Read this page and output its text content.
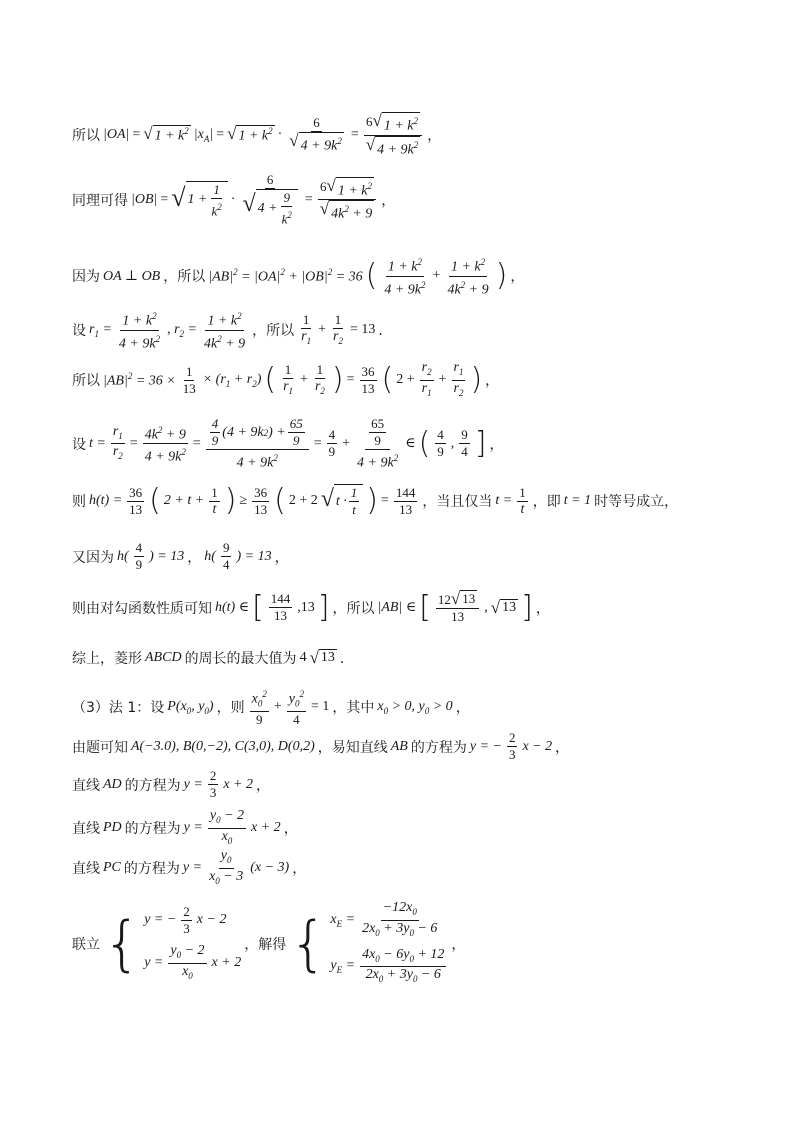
所以 |OA| = √ $1 + k^2$ $|x_A|$ = √ $1 + k^2 \cdot \frac{6}{√ 4 + 9k^2} = \frac{6 √ 1 + k^2}{√ 4 + 9k^2}$ ，
同理可得 |OB| = √ $1 + \frac{1}{k^2} \cdot \frac{6}{√ 4 + \frac{9}{k^2}} = \frac{6 √ 1 + k^2}{√ 4k^2 + 9}$ ，
因为 OA ⊥ OB ，所以 $|AB|^2 = |OA|^2 + |OB|^2 = 36$ ( $\frac{1 + k^2}{4 + 9k^2} + \frac{1 + k^2}{4k^2 + 9}$ ) ，
设 $r_1 = \frac{1 + k^2}{4 + 9k^2}$ , $r_2 = \frac{1 + k^2}{4k^2 + 9}$ ，所以 $\frac{1}{r_1} + \frac{1}{r_2} = 13$ ．
所以 $|AB|^2 = 36 \times \frac{1}{13} \times (r_1 + r_2)$ ( $\frac{1}{r_1} + \frac{1}{r_2}$ ) = $\frac{36}{13}$ ( $2 + \frac{r_2}{r_1} + \frac{r_1}{r_2}$ ) ，
设 $t = \frac{r_1}{r_2} = \frac{4k^2 + 9}{4 + 9k^2} = \frac{\frac{4}{9} (4 + 9k 2 ) + \frac{65}{9}}{4 + 9k^2} = \frac{4}{9} + \frac{\frac{65}{9}}{4 + 9k^2}$ ∈ ( $\frac{4}{9}$ , $\frac{9}{4}$ ] ，
则 $h(t) = \frac{36}{13}$ ( $2 + t + \frac{1}{t}$ ) ≥ $\frac{36}{13}$ ( 2 + 2 √ $t \cdot \frac{1}{t}$ ) = $\frac{144}{13}$ ，当且仅当 $t = \frac{1}{t}$ ，即 t = 1 时等号成立，
又因为 $h( \frac{4}{9}$ ) = 13 ， $h( \frac{9}{4}$ ) = 13 ，
则由对勾函数性质可知 h(t) ∈ [ $\frac{144}{13} ,13$ ] ，所以 |AB| ∈ [ $\frac{12 √ 13}{13}$ , √ 13 ] ，
综上，菱形 ABCD 的周长的最大值为 4 √ 13 ．
（3）法 1：设 $P(x_0$, $y_0$) ，则 $\frac{x_0^2}{9} + \frac{y_0^2}{4} = 1$ ，其中 $x_0 > 0$, $y_0 > 0$ ，
由题可知 A(−3.0), B(0,−2), C(3,0), D(0,2) ，易知直线 AB 的方程为 y = − $\frac{2}{3}$ x − 2 ，
直线 AD 的方程为 $y = \frac{2}{3}$ x + 2 ，
直线 PD 的方程为 $y = \frac{y_0 - 2}{x_0}$ x + 2 ，
直线 PC 的方程为 $y = \frac{y_0}{x_0 - 3} (x - 3)$ ，
联立 { y = − $\frac{2}{3}$ x − 2
$y = \frac{y_0 - 2}{x_0}$ x + 2
，解得 { $x_E = \frac{-12x_0}{2x_0 + 3y_0 - 6}$
$y_E = \frac{4x_0 - 6y_0 + 12}{2x_0 + 3y_0 - 6}$
，
